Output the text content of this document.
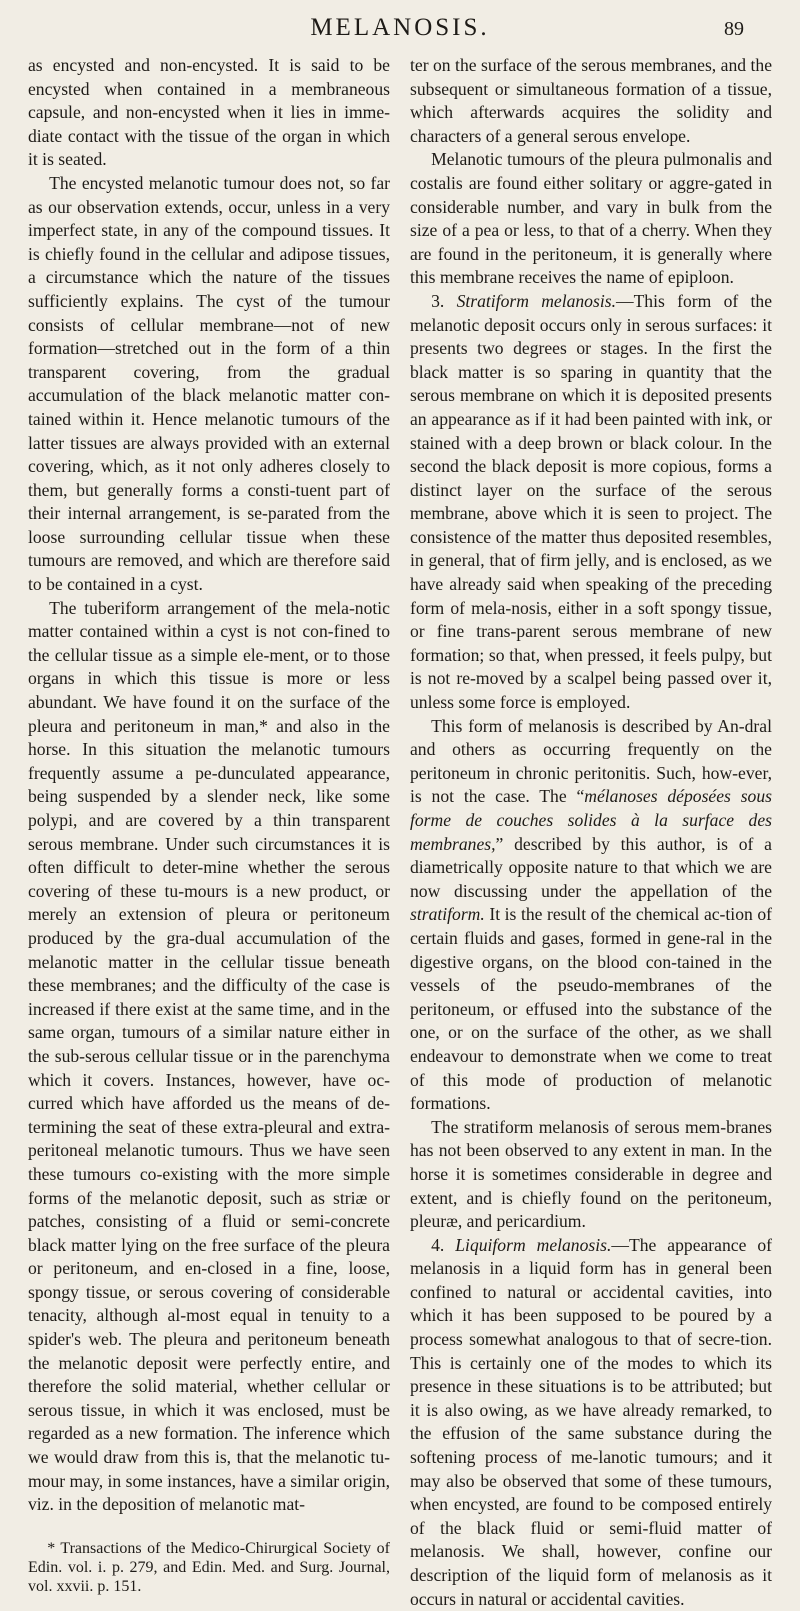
MELANOSIS.	89

as encysted and non-encysted. It is said to be encysted when contained in a membraneous capsule, and non-encysted when it lies in imme-diate contact with the tissue of the organ in which it is seated.

The encysted melanotic tumour does not, so far as our observation extends, occur, unless in a very imperfect state, in any of the compound tissues. It is chiefly found in the cellular and adipose tissues, a circumstance which the nature of the tissues sufficiently explains. The cyst of the tumour consists of cellular membrane—not of new formation—stretched out in the form of a thin transparent covering, from the gradual accumulation of the black melanotic matter con-tained within it. Hence melanotic tumours of the latter tissues are always provided with an external covering, which, as it not only adheres closely to them, but generally forms a consti-tuent part of their internal arrangement, is se-parated from the loose surrounding cellular tissue when these tumours are removed, and which are therefore said to be contained in a cyst.

The tuberiform arrangement of the mela-notic matter contained within a cyst is not con-fined to the cellular tissue as a simple ele-ment, or to those organs in which this tissue is more or less abundant. We have found it on the surface of the pleura and peritoneum in man,* and also in the horse. In this situation the melanotic tumours frequently assume a pe-dunculated appearance, being suspended by a slender neck, like some polypi, and are covered by a thin transparent serous membrane. Under such circumstances it is often difficult to deter-mine whether the serous covering of these tu-mours is a new product, or merely an extension of pleura or peritoneum produced by the gra-dual accumulation of the melanotic matter in the cellular tissue beneath these membranes; and the difficulty of the case is increased if there exist at the same time, and in the same organ, tumours of a similar nature either in the sub-serous cellular tissue or in the parenchyma which it covers. Instances, however, have oc-curred which have afforded us the means of de-termining the seat of these extra-pleural and extra-peritoneal melanotic tumours. Thus we have seen these tumours co-existing with the more simple forms of the melanotic deposit, such as striæ or patches, consisting of a fluid or semi-concrete black matter lying on the free surface of the pleura or peritoneum, and en-closed in a fine, loose, spongy tissue, or serous covering of considerable tenacity, although al-most equal in tenuity to a spider's web. The pleura and peritoneum beneath the melanotic deposit were perfectly entire, and therefore the solid material, whether cellular or serous tissue, in which it was enclosed, must be regarded as a new formation. The inference which we would draw from this is, that the melanotic tu-mour may, in some instances, have a similar origin, viz. in the deposition of melanotic mat-

* Transactions of the Medico-Chirurgical Society of Edin. vol. i. p. 279, and Edin. Med. and Surg. Journal, vol. xxvii. p. 151.

ter on the surface of the serous membranes, and the subsequent or simultaneous formation of a tissue, which afterwards acquires the solidity and characters of a general serous envelope.

Melanotic tumours of the pleura pulmonalis and costalis are found either solitary or aggre-gated in considerable number, and vary in bulk from the size of a pea or less, to that of a cherry. When they are found in the peritoneum, it is generally where this membrane receives the name of epiploon.

3. Stratiform melanosis.—This form of the melanotic deposit occurs only in serous surfaces: it presents two degrees or stages. In the first the black matter is so sparing in quantity that the serous membrane on which it is deposited presents an appearance as if it had been painted with ink, or stained with a deep brown or black colour. In the second the black deposit is more copious, forms a distinct layer on the surface of the serous membrane, above which it is seen to project. The consistence of the matter thus deposited resembles, in general, that of firm jelly, and is enclosed, as we have already said when speaking of the preceding form of mela-nosis, either in a soft spongy tissue, or fine trans-parent serous membrane of new formation; so that, when pressed, it feels pulpy, but is not re-moved by a scalpel being passed over it, unless some force is employed.

This form of melanosis is described by An-dral and others as occurring frequently on the peritoneum in chronic peritonitis. Such, how-ever, is not the case. The “mélanoses déposées sous forme de couches solides à la surface des membranes,” described by this author, is of a diametrically opposite nature to that which we are now discussing under the appellation of the stratiform. It is the result of the chemical ac-tion of certain fluids and gases, formed in gene-ral in the digestive organs, on the blood con-tained in the vessels of the pseudo-membranes of the peritoneum, or effused into the substance of the one, or on the surface of the other, as we shall endeavour to demonstrate when we come to treat of this mode of production of melanotic formations.

The stratiform melanosis of serous mem-branes has not been observed to any extent in man. In the horse it is sometimes considerable in degree and extent, and is chiefly found on the peritoneum, pleuræ, and pericardium.

4. Liquiform melanosis.—The appearance of melanosis in a liquid form has in general been confined to natural or accidental cavities, into which it has been supposed to be poured by a process somewhat analogous to that of secre-tion. This is certainly one of the modes to which its presence in these situations is to be attributed; but it is also owing, as we have already remarked, to the effusion of the same substance during the softening process of me-lanotic tumours; and it may also be observed that some of these tumours, when encysted, are found to be composed entirely of the black fluid or semi-fluid matter of melanosis. We shall, however, confine our description of the liquid form of melanosis as it occurs in natural or accidental cavities.
